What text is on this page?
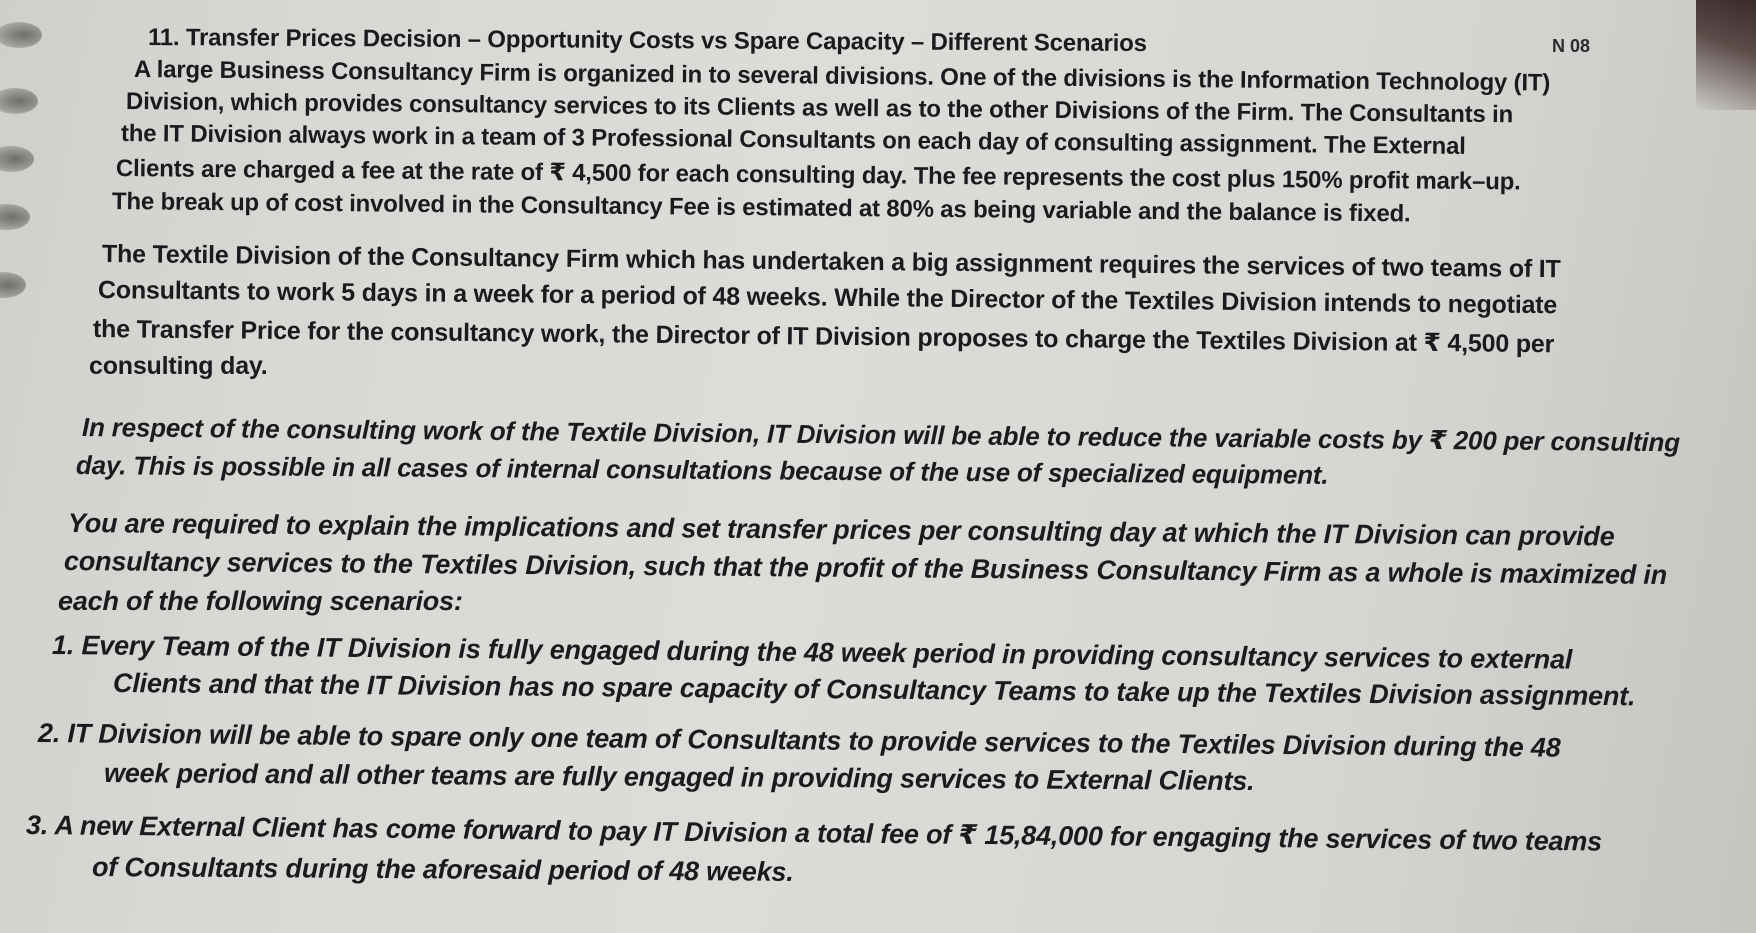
N 08
11. Transfer Prices Decision – Opportunity Costs vs Spare Capacity – Different Scenarios
A large Business Consultancy Firm is organized in to several divisions. One of the divisions is the Information Technology (IT)
Division, which provides consultancy services to its Clients as well as to the other Divisions of the Firm. The Consultants in
the IT Division always work in a team of 3 Professional Consultants on each day of consulting assignment. The External
Clients are charged a fee at the rate of ₹ 4,500 for each consulting day. The fee represents the cost plus 150% profit mark–up.
The break up of cost involved in the Consultancy Fee is estimated at 80% as being variable and the balance is fixed.
The Textile Division of the Consultancy Firm which has undertaken a big assignment requires the services of two teams of IT
Consultants to work 5 days in a week for a period of 48 weeks. While the Director of the Textiles Division intends to negotiate
the Transfer Price for the consultancy work, the Director of IT Division proposes to charge the Textiles Division at ₹ 4,500 per
consulting day.
In respect of the consulting work of the Textile Division, IT Division will be able to reduce the variable costs by ₹ 200 per consulting
day. This is possible in all cases of internal consultations because of the use of specialized equipment.
You are required to explain the implications and set transfer prices per consulting day at which the IT Division can provide
consultancy services to the Textiles Division, such that the profit of the Business Consultancy Firm as a whole is maximized in
each of the following scenarios:
1. Every Team of the IT Division is fully engaged during the 48 week period in providing consultancy services to external
Clients and that the IT Division has no spare capacity of Consultancy Teams to take up the Textiles Division assignment.
2. IT Division will be able to spare only one team of Consultants to provide services to the Textiles Division during the 48
week period and all other teams are fully engaged in providing services to External Clients.
3. A new External Client has come forward to pay IT Division a total fee of ₹ 15,84,000 for engaging the services of two teams
of Consultants during the aforesaid period of 48 weeks.
